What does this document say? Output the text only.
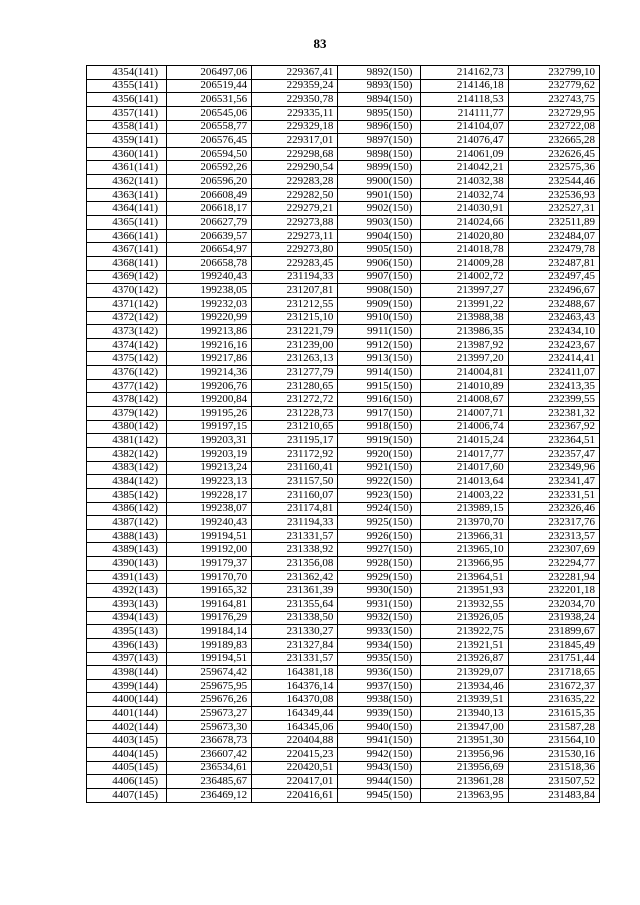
83
4354(141)	206497,06	229367,41	9892(150)	214162,73	232799,10
4355(141)	206519,44	229359,24	9893(150)	214146,18	232779,62
4356(141)	206531,56	229350,78	9894(150)	214118,53	232743,75
4357(141)	206545,06	229335,11	9895(150)	214111,77	232729,95
4358(141)	206558,77	229329,18	9896(150)	214104,07	232722,08
4359(141)	206576,45	229317,01	9897(150)	214076,47	232665,28
4360(141)	206594,50	229298,68	9898(150)	214061,09	232626,45
4361(141)	206592,26	229290,54	9899(150)	214042,21	232575,36
4362(141)	206596,20	229283,28	9900(150)	214032,38	232544,46
4363(141)	206608,49	229282,50	9901(150)	214032,74	232536,93
4364(141)	206618,17	229279,21	9902(150)	214030,91	232527,31
4365(141)	206627,79	229273,88	9903(150)	214024,66	232511,89
4366(141)	206639,57	229273,11	9904(150)	214020,80	232484,07
4367(141)	206654,97	229273,80	9905(150)	214018,78	232479,78
4368(141)	206658,78	229283,45	9906(150)	214009,28	232487,81
4369(142)	199240,43	231194,33	9907(150)	214002,72	232497,45
4370(142)	199238,05	231207,81	9908(150)	213997,27	232496,67
4371(142)	199232,03	231212,55	9909(150)	213991,22	232488,67
4372(142)	199220,99	231215,10	9910(150)	213988,38	232463,43
4373(142)	199213,86	231221,79	9911(150)	213986,35	232434,10
4374(142)	199216,16	231239,00	9912(150)	213987,92	232423,67
4375(142)	199217,86	231263,13	9913(150)	213997,20	232414,41
4376(142)	199214,36	231277,79	9914(150)	214004,81	232411,07
4377(142)	199206,76	231280,65	9915(150)	214010,89	232413,35
4378(142)	199200,84	231272,72	9916(150)	214008,67	232399,55
4379(142)	199195,26	231228,73	9917(150)	214007,71	232381,32
4380(142)	199197,15	231210,65	9918(150)	214006,74	232367,92
4381(142)	199203,31	231195,17	9919(150)	214015,24	232364,51
4382(142)	199203,19	231172,92	9920(150)	214017,77	232357,47
4383(142)	199213,24	231160,41	9921(150)	214017,60	232349,96
4384(142)	199223,13	231157,50	9922(150)	214013,64	232341,47
4385(142)	199228,17	231160,07	9923(150)	214003,22	232331,51
4386(142)	199238,07	231174,81	9924(150)	213989,15	232326,46
4387(142)	199240,43	231194,33	9925(150)	213970,70	232317,76
4388(143)	199194,51	231331,57	9926(150)	213966,31	232313,57
4389(143)	199192,00	231338,92	9927(150)	213965,10	232307,69
4390(143)	199179,37	231356,08	9928(150)	213966,95	232294,77
4391(143)	199170,70	231362,42	9929(150)	213964,51	232281,94
4392(143)	199165,32	231361,39	9930(150)	213951,93	232201,18
4393(143)	199164,81	231355,64	9931(150)	213932,55	232034,70
4394(143)	199176,29	231338,50	9932(150)	213926,05	231938,24
4395(143)	199184,14	231330,27	9933(150)	213922,75	231899,67
4396(143)	199189,83	231327,84	9934(150)	213921,51	231845,49
4397(143)	199194,51	231331,57	9935(150)	213926,87	231751,44
4398(144)	259674,42	164381,18	9936(150)	213929,07	231718,65
4399(144)	259675,95	164376,14	9937(150)	213934,46	231672,37
4400(144)	259676,26	164370,08	9938(150)	213939,51	231635,22
4401(144)	259673,27	164349,44	9939(150)	213940,13	231615,35
4402(144)	259673,30	164345,06	9940(150)	213947,00	231587,28
4403(145)	236678,73	220404,88	9941(150)	213951,30	231564,10
4404(145)	236607,42	220415,23	9942(150)	213956,96	231530,16
4405(145)	236534,61	220420,51	9943(150)	213956,69	231518,36
4406(145)	236485,67	220417,01	9944(150)	213961,28	231507,52
4407(145)	236469,12	220416,61	9945(150)	213963,95	231483,84
